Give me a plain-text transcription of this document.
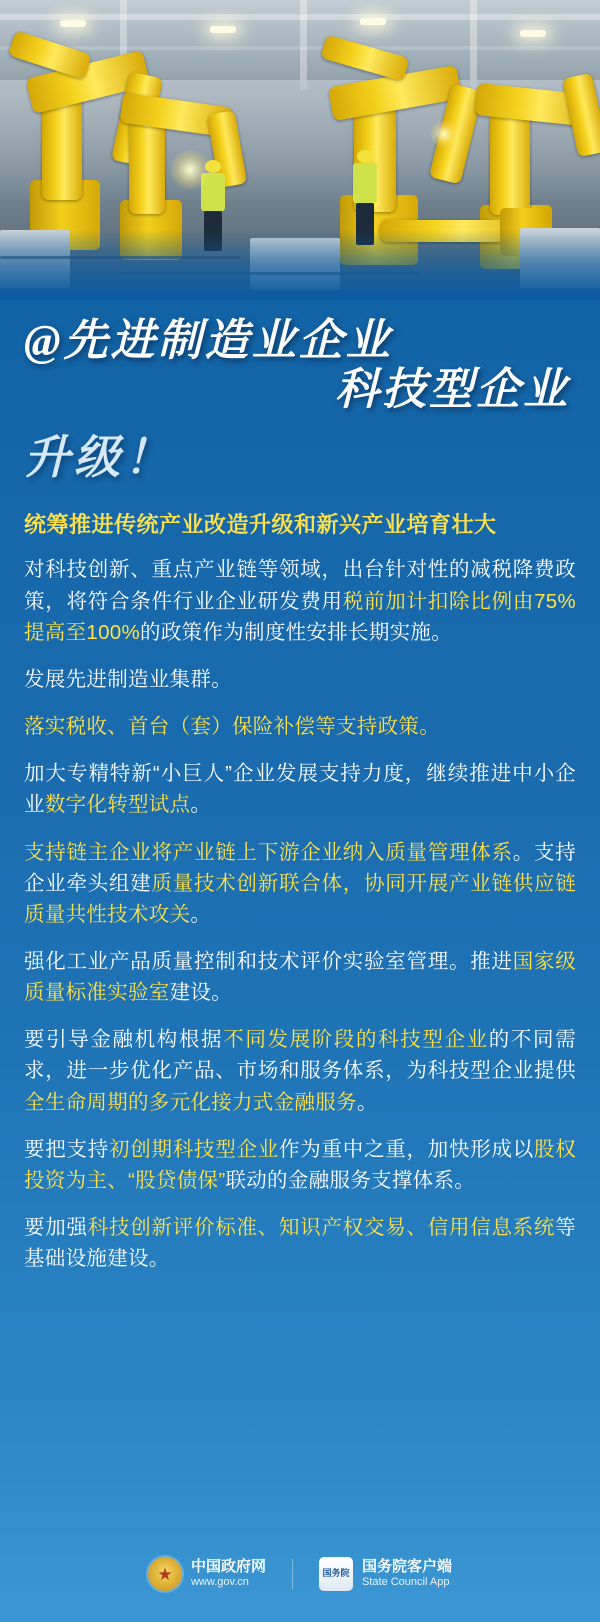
@先进制造业企业
科技型企业
升级！
统筹推进传统产业改造升级和新兴产业培育壮大
对科技创新、重点产业链等领域，出台针对性的减税降费政策，将符合条件行业企业研发费用税前加计扣除比例由75%提高至100%的政策作为制度性安排长期实施。
发展先进制造业集群。
落实税收、首台（套）保险补偿等支持政策。
加大专精特新“小巨人”企业发展支持力度，继续推进中小企业数字化转型试点。
支持链主企业将产业链上下游企业纳入质量管理体系。支持企业牵头组建质量技术创新联合体，协同开展产业链供应链质量共性技术攻关。
强化工业产品质量控制和技术评价实验室管理。推进国家级质量标准实验室建设。
要引导金融机构根据不同发展阶段的科技型企业的不同需求，进一步优化产品、市场和服务体系，为科技型企业提供全生命周期的多元化接力式金融服务。
要把支持初创期科技型企业作为重中之重，加快形成以股权投资为主、“股贷债保”联动的金融服务支撑体系。
要加强科技创新评价标准、知识产权交易、信用信息系统等基础设施建设。
★	中国政府网
www.gov.cn
国务院 国务院客户端
State Council App
